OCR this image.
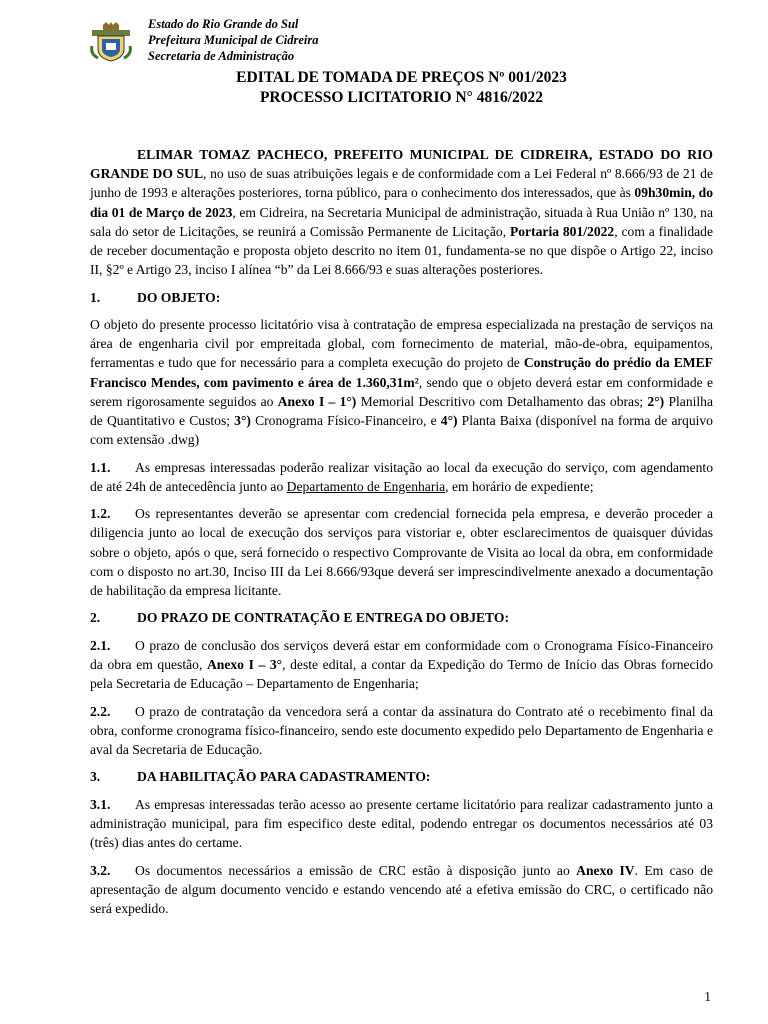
Estado do Rio Grande do Sul
Prefeitura Municipal de Cidreira
Secretaria de Administração
EDITAL DE TOMADA DE PREÇOS Nº 001/2023
PROCESSO LICITATORIO N° 4816/2022

ELIMAR TOMAZ PACHECO, PREFEITO MUNICIPAL DE CIDREIRA, ESTADO DO RIO GRANDE DO SUL, no uso de suas atribuições legais e de conformidade com a Lei Federal nº 8.666/93 de 21 de junho de 1993 e alterações posteriores, torna público, para o conhecimento dos interessados, que às 09h30min, do dia 01 de Março de 2023, em Cidreira, na Secretaria Municipal de administração, situada à Rua União nº 130, na sala do setor de Licitações, se reunirá a Comissão Permanente de Licitação, Portaria 801/2022, com a finalidade de receber documentação e proposta objeto descrito no item 01, fundamenta-se no que dispõe o Artigo 22, inciso II, §2º e Artigo 23, inciso I alínea “b” da Lei 8.666/93 e suas alterações posteriores.

1.	DO OBJETO:

O objeto do presente processo licitatório visa à contratação de empresa especializada na prestação de serviços na área de engenharia civil por empreitada global, com fornecimento de material, mão-de-obra, equipamentos, ferramentas e tudo que for necessário para a completa execução do projeto de Construção do prédio da EMEF Francisco Mendes, com pavimento e área de 1.360,31m², sendo que o objeto deverá estar em conformidade e serem rigorosamente seguidos ao Anexo I – 1°) Memorial Descritivo com Detalhamento das obras; 2°) Planilha de Quantitativo e Custos; 3°) Cronograma Físico-Financeiro, e 4°) Planta Baixa (disponível na forma de arquivo com extensão .dwg)

1.1. As empresas interessadas poderão realizar visitação ao local da execução do serviço, com agendamento de até 24h de antecedência junto ao Departamento de Engenharia, em horário de expediente;

1.2. Os representantes deverão se apresentar com credencial fornecida pela empresa, e deverão proceder a diligencia junto ao local de execução dos serviços para vistoriar e, obter esclarecimentos de quaisquer dúvidas sobre o objeto, após o que, será fornecido o respectivo Comprovante de Visita ao local da obra, em conformidade com o disposto no art.30, Inciso III da Lei 8.666/93que deverá ser imprescindivelmente anexado a documentação de habilitação da empresa licitante.

2.	DO PRAZO DE CONTRATAÇÃO E ENTREGA DO OBJETO:

2.1. O prazo de conclusão dos serviços deverá estar em conformidade com o Cronograma Físico-Financeiro da obra em questão, Anexo I – 3°, deste edital, a contar da Expedição do Termo de Início das Obras fornecido pela Secretaria de Educação – Departamento de Engenharia;

2.2. O prazo de contratação da vencedora será a contar da assinatura do Contrato até o recebimento final da obra, conforme cronograma físico-financeiro, sendo este documento expedido pelo Departamento de Engenharia e aval da Secretaria de Educação.

3.	DA HABILITAÇÃO PARA CADASTRAMENTO:

3.1. As empresas interessadas terão acesso ao presente certame licitatório para realizar cadastramento junto a administração municipal, para fim especifico deste edital, podendo entregar os documentos necessários até 03 (três) dias antes do certame.

3.2. Os documentos necessários a emissão de CRC estão à disposição junto ao Anexo IV. Em caso de apresentação de algum documento vencido e estando vencendo até a efetiva emissão do CRC, o certificado não será expedido.

1
